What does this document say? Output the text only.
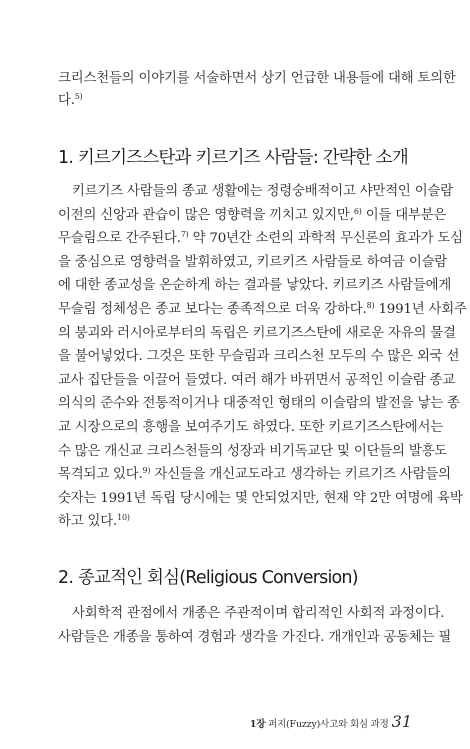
크리스천들의 이야기를 서술하면서 상기 언급한 내용들에 대해 토의한
다.$^{5)}$
1. 키르기즈스탄과 키르기즈 사람들: 간략한 소개
키르기즈 사람들의 종교 생활에는 정령숭배적이고 샤만적인 이슬람
이전의 신앙과 관습이 많은 영향력을 끼치고 있지만,$^{6)}$ 이들 대부분은
무슬림으로 간주된다.$^{7)}$ 약 70년간 소련의 과학적 무신론의 효과가 도심
을 중심으로 영향력을 발휘하였고, 키르키즈 사람들로 하여금 이슬람
에 대한 종교성을 온순하게 하는 결과를 낳았다. 키르키즈 사람들에게
무슬림 정체성은 종교 보다는 종족적으로 더욱 강하다.$^{8)}$ 1991년 사회주
의 붕괴와 러시아로부터의 독립은 키르기즈스탄에 새로운 자유의 물결
을 불어넣었다. 그것은 또한 무슬림과 크리스천 모두의 수 많은 외국 선
교사 집단들을 이끌어 들였다. 여러 해가 바뀌면서 공적인 이슬람 종교
의식의 준수와 전통적이거나 대중적인 형태의 이슬람의 발전을 낳는 종
교 시장으로의 흥행을 보여주기도 하였다. 또한 키르기즈스탄에서는
수 많은 개신교 크리스천들의 성장과 비기독교단 및 이단들의 발흥도
목격되고 있다.$^{9)}$ 자신들을 개신교도라고 생각하는 키르기즈 사람들의
숫자는 1991년 독립 당시에는 몇 안되었지만, 현재 약 2만 여명에 육박
하고 있다.$^{10)}$
2. 종교적인 회심(Religious Conversion)
사회학적 관점에서 개종은 주관적이며 합리적인 사회적 과정이다.
사람들은 개종을 통하여 경험과 생각을 가진다. 개개인과 공동체는 필
1장 퍼지(Fuzzy)사고와 회심 과정 31
